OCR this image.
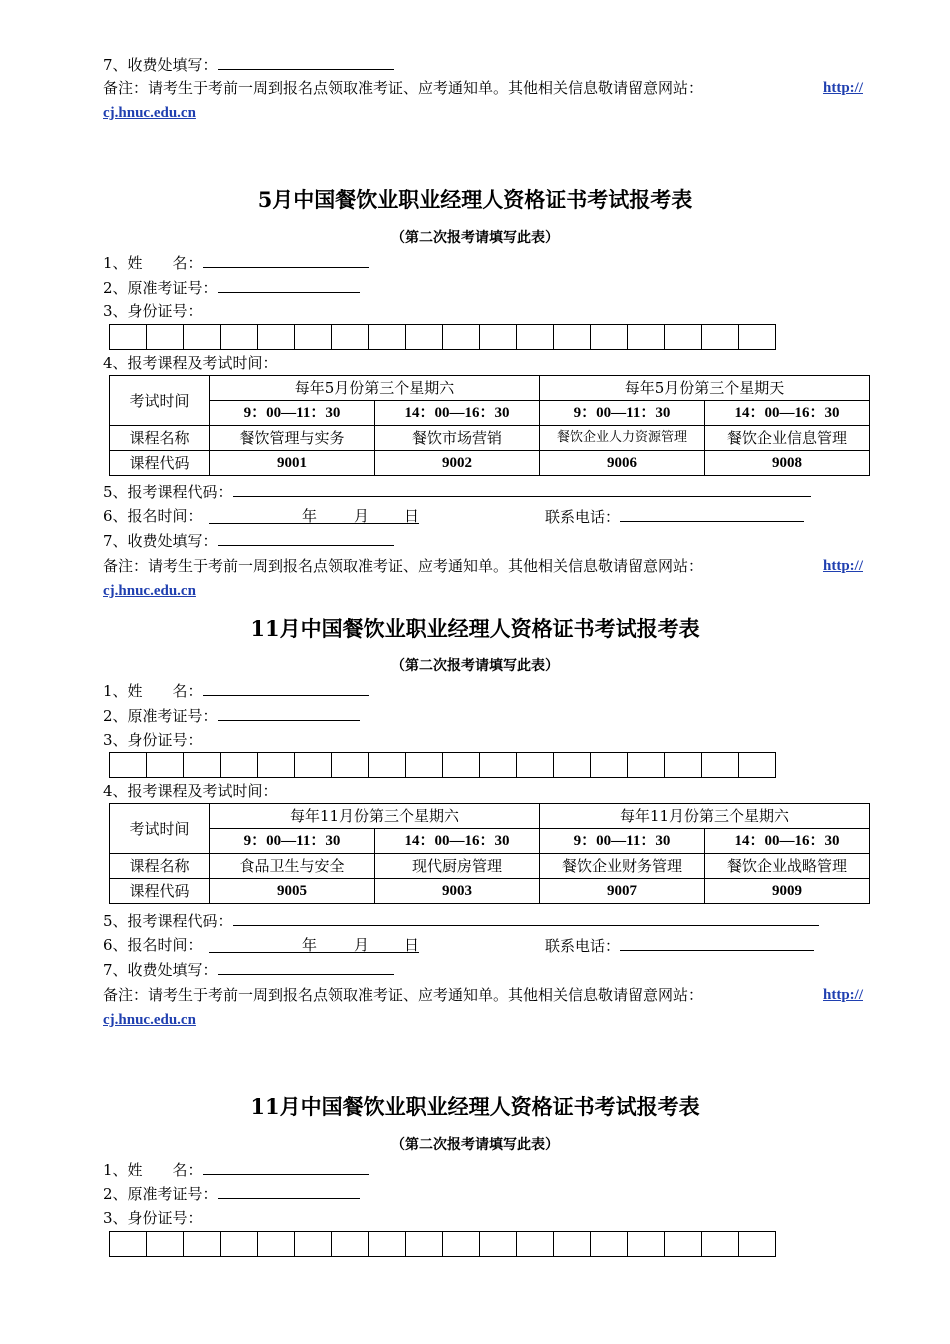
7、收费处填写：
备注：请考生于考前一周到报名点领取准考证、应考通知单。其他相关信息敬请留意网站：	http://

cj.hnuc.edu.cn
5月中国餐饮业职业经理人资格证书考试报考表
（第二次报考请填写此表）
1、姓　　名：
2、原准考证号：
3、身份证号：

4、报考课程及考试时间：
考试时间	每年5月份第三个星期六		每年5月份第三个星期天	
	9：00—11：30	14：00—16：30	9：00—11：30	14：00—16：30
课程名称	餐饮管理与实务	餐饮市场营销	餐饮企业人力资源管理	餐饮企业信息管理
课程代码	9001	9002	9006	9008
5、报考课程代码：
6、报名时间：	年 月 日	联系电话：
7、收费处填写：
备注：请考生于考前一周到报名点领取准考证、应考通知单。其他相关信息敬请留意网站：	http://

cj.hnuc.edu.cn
11月中国餐饮业职业经理人资格证书考试报考表
（第二次报考请填写此表）
1、姓　　名：
2、原准考证号：
3、身份证号：

4、报考课程及考试时间：
考试时间	每年11月份第三个星期六		每年11月份第三个星期六	
	9：00—11：30	14：00—16：30	9：00—11：30	14：00—16：30
课程名称	食品卫生与安全	现代厨房管理	餐饮企业财务管理	餐饮企业战略管理
课程代码	9005	9003	9007	9009
5、报考课程代码：
6、报名时间：	年 月 日	联系电话：
7、收费处填写：
备注：请考生于考前一周到报名点领取准考证、应考通知单。其他相关信息敬请留意网站：	http://

cj.hnuc.edu.cn
11月中国餐饮业职业经理人资格证书考试报考表
（第二次报考请填写此表）
1、姓　　名：
2、原准考证号：
3、身份证号：
